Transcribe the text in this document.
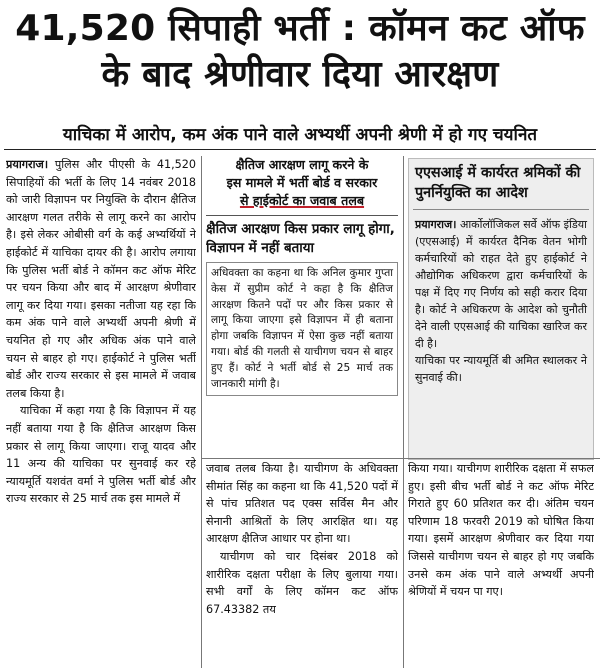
41,520 सिपाही भर्ती : कॉमन कट ऑफ के बाद श्रेणीवार दिया आरक्षण
याचिका में आरोप, कम अंक पाने वाले अभ्यर्थी अपनी श्रेणी में हो गए चयनित

प्रयागराज। पुलिस और पीएसी के 41,520 सिपाहियों की भर्ती के लिए 14 नवंबर 2018 को जारी विज्ञापन पर नियुक्ति के दौरान क्षैतिज आरक्षण गलत तरीके से लागू करने का आरोप है। इसे लेकर ओबीसी वर्ग के कई अभ्यर्थियों ने हाईकोर्ट में याचिका दायर की है। आरोप लगाया कि पुलिस भर्ती बोर्ड ने कॉमन कट ऑफ मेरिट पर चयन किया और बाद में आरक्षण श्रेणीवार लागू कर दिया गया। इसका नतीजा यह रहा कि कम अंक पाने वाले अभ्यर्थी अपनी श्रेणी में चयनित हो गए और अधिक अंक पाने वाले चयन से बाहर हो गए। हाईकोर्ट ने पुलिस भर्ती बोर्ड और राज्य सरकार से इस मामले में जवाब तलब किया है।

याचिका में कहा गया है कि विज्ञापन में यह नहीं बताया गया है कि क्षैतिज आरक्षण किस प्रकार से लागू किया जाएगा। राजू यादव और 11 अन्य की याचिका पर सुनवाई कर रहे न्यायमूर्ति यशवंत वर्मा ने पुलिस भर्ती बोर्ड और राज्य सरकार से 25 मार्च तक इस मामले में

क्षैतिज आरक्षण लागू करने के

इस मामले में भर्ती बोर्ड व सरकार

से हाईकोर्ट का जवाब तलब

क्षैतिज आरक्षण किस प्रकार लागू होगा, विज्ञापन में नहीं बताया

अधिवक्ता का कहना था कि अनिल कुमार गुप्ता केस में सुप्रीम कोर्ट ने कहा है कि क्षैतिज आरक्षण कितने पदों पर और किस प्रकार से लागू किया जाएगा इसे विज्ञापन में ही बताना होगा जबकि विज्ञापन में ऐसा कुछ नहीं बताया गया। बोर्ड की गलती से याचीगण चयन से बाहर हुए हैं। कोर्ट ने भर्ती बोर्ड से 25 मार्च तक जानकारी मांगी है।
एएसआई में कार्यरत श्रमिकों की पुनर्नियुक्ति का आदेश

प्रयागराज। आर्कोलॉजिकल सर्वे ऑफ इंडिया (एएसआई) में कार्यरत दैनिक वेतन भोगी कर्मचारियों को राहत देते हुए हाईकोर्ट ने औद्योगिक अधिकरण द्वारा कर्मचारियों के पक्ष में दिए गए निर्णय को सही करार दिया है। कोर्ट ने अधिकरण के आदेश को चुनौती देने वाली एएसआई की याचिका खारिज कर दी है।

याचिका पर न्यायमूर्ति बी अमित स्थालकर ने सुनवाई की।

जवाब तलब किया है। याचीगण के अधिवक्ता सीमांत सिंह का कहना था कि 41,520 पदों में से पांच प्रतिशत पद एक्स सर्विस मैन और सेनानी आश्रितों के लिए आरक्षित था। यह आरक्षण क्षैतिज आधार पर होना था।

याचीगण को चार दिसंबर 2018 को शारीरिक दक्षता परीक्षा के लिए बुलाया गया। सभी वर्गों के लिए कॉमन कट ऑफ 67.43382 तय

किया गया। याचीगण शारीरिक दक्षता में सफल हुए। इसी बीच भर्ती बोर्ड ने कट ऑफ मेरिट गिराते हुए 60 प्रतिशत कर दी। अंतिम चयन परिणाम 18 फरवरी 2019 को घोषित किया गया। इसमें आरक्षण श्रेणीवार कर दिया गया जिससे याचीगण चयन से बाहर हो गए जबकि उनसे कम अंक पाने वाले अभ्यर्थी अपनी श्रेणियों में चयन पा गए।
